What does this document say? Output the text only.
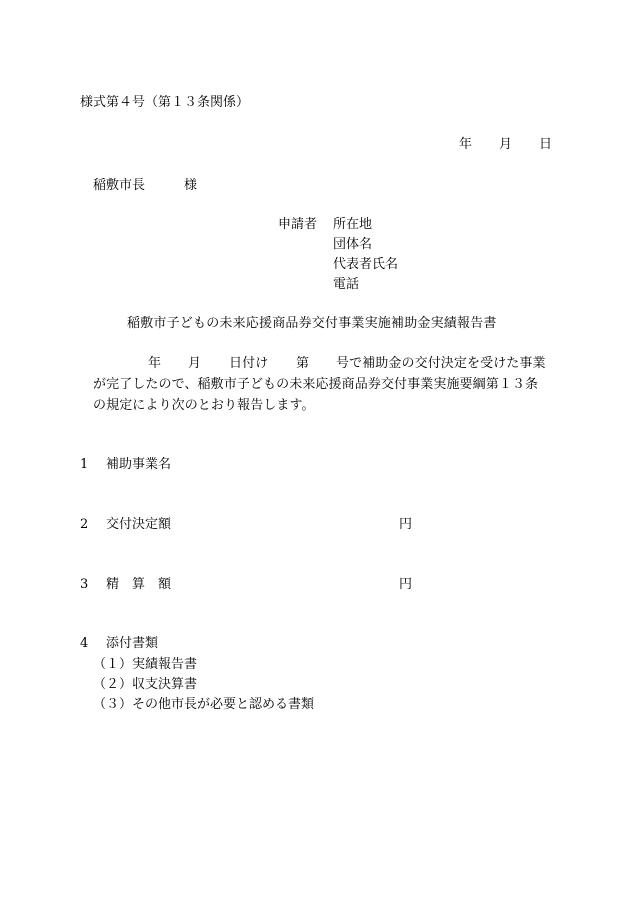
様式第４号（第１３条関係）
年 月 日
稲敷市長	様
申請者 所在地
団体名
代表者氏名
電話
稲敷市子どもの未来応援商品券交付事業実施補助金実績報告書
年 月 日付け 第 号で補助金の交付決定を受けた事業
が完了したので、稲敷市子どもの未来応援商品券交付事業実施要綱第１３条
の規定により次のとおり報告します。
1 補助事業名
2 交付決定額	円
3 精　算　額	円
4 添付書類
（１）実績報告書
（２）収支決算書
（３）その他市長が必要と認める書類
